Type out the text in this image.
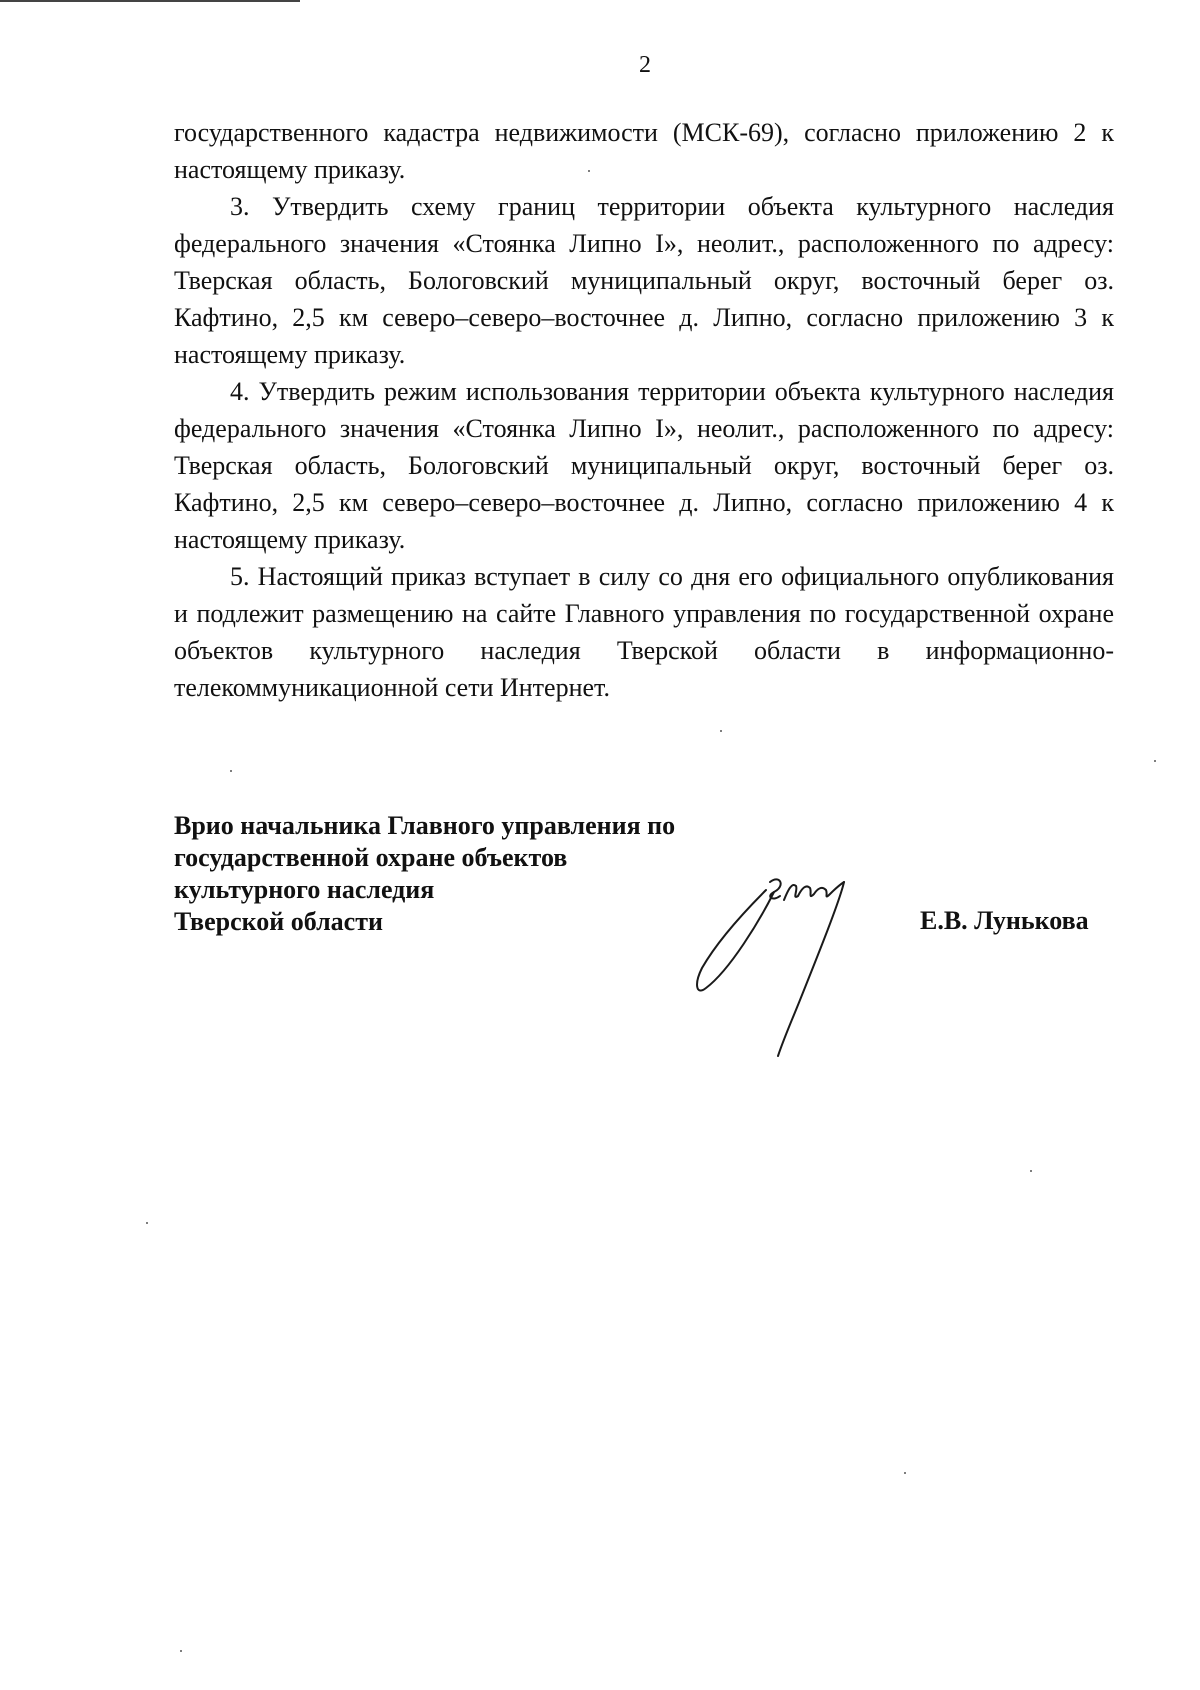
2

государственного кадастра недвижимости (МСК-69), согласно приложению 2 к настоящему приказу.

3. Утвердить схему границ территории объекта культурного наследия федерального значения «Стоянка Липно I», неолит., расположенного по адресу: Тверская область, Бологовский муниципальный округ, восточный берег оз. Кафтино, 2,5 км северо–северо–восточнее д. Липно, согласно приложению 3 к настоящему приказу.

4. Утвердить режим использования территории объекта культурного наследия федерального значения «Стоянка Липно I», неолит., расположенного по адресу: Тверская область, Бологовский муниципальный округ, восточный берег оз. Кафтино, 2,5 км северо–северо–восточнее д. Липно, согласно приложению 4 к настоящему приказу.

5. Настоящий приказ вступает в силу со дня его официального опубликования и подлежит размещению на сайте Главного управления по государственной охране объектов культурного наследия Тверской области в информационно-телекоммуникационной сети Интернет.

Врио начальника Главного управления по
государственной охране объектов
культурного наследия
Тверской области	Е.В. Лунькова
